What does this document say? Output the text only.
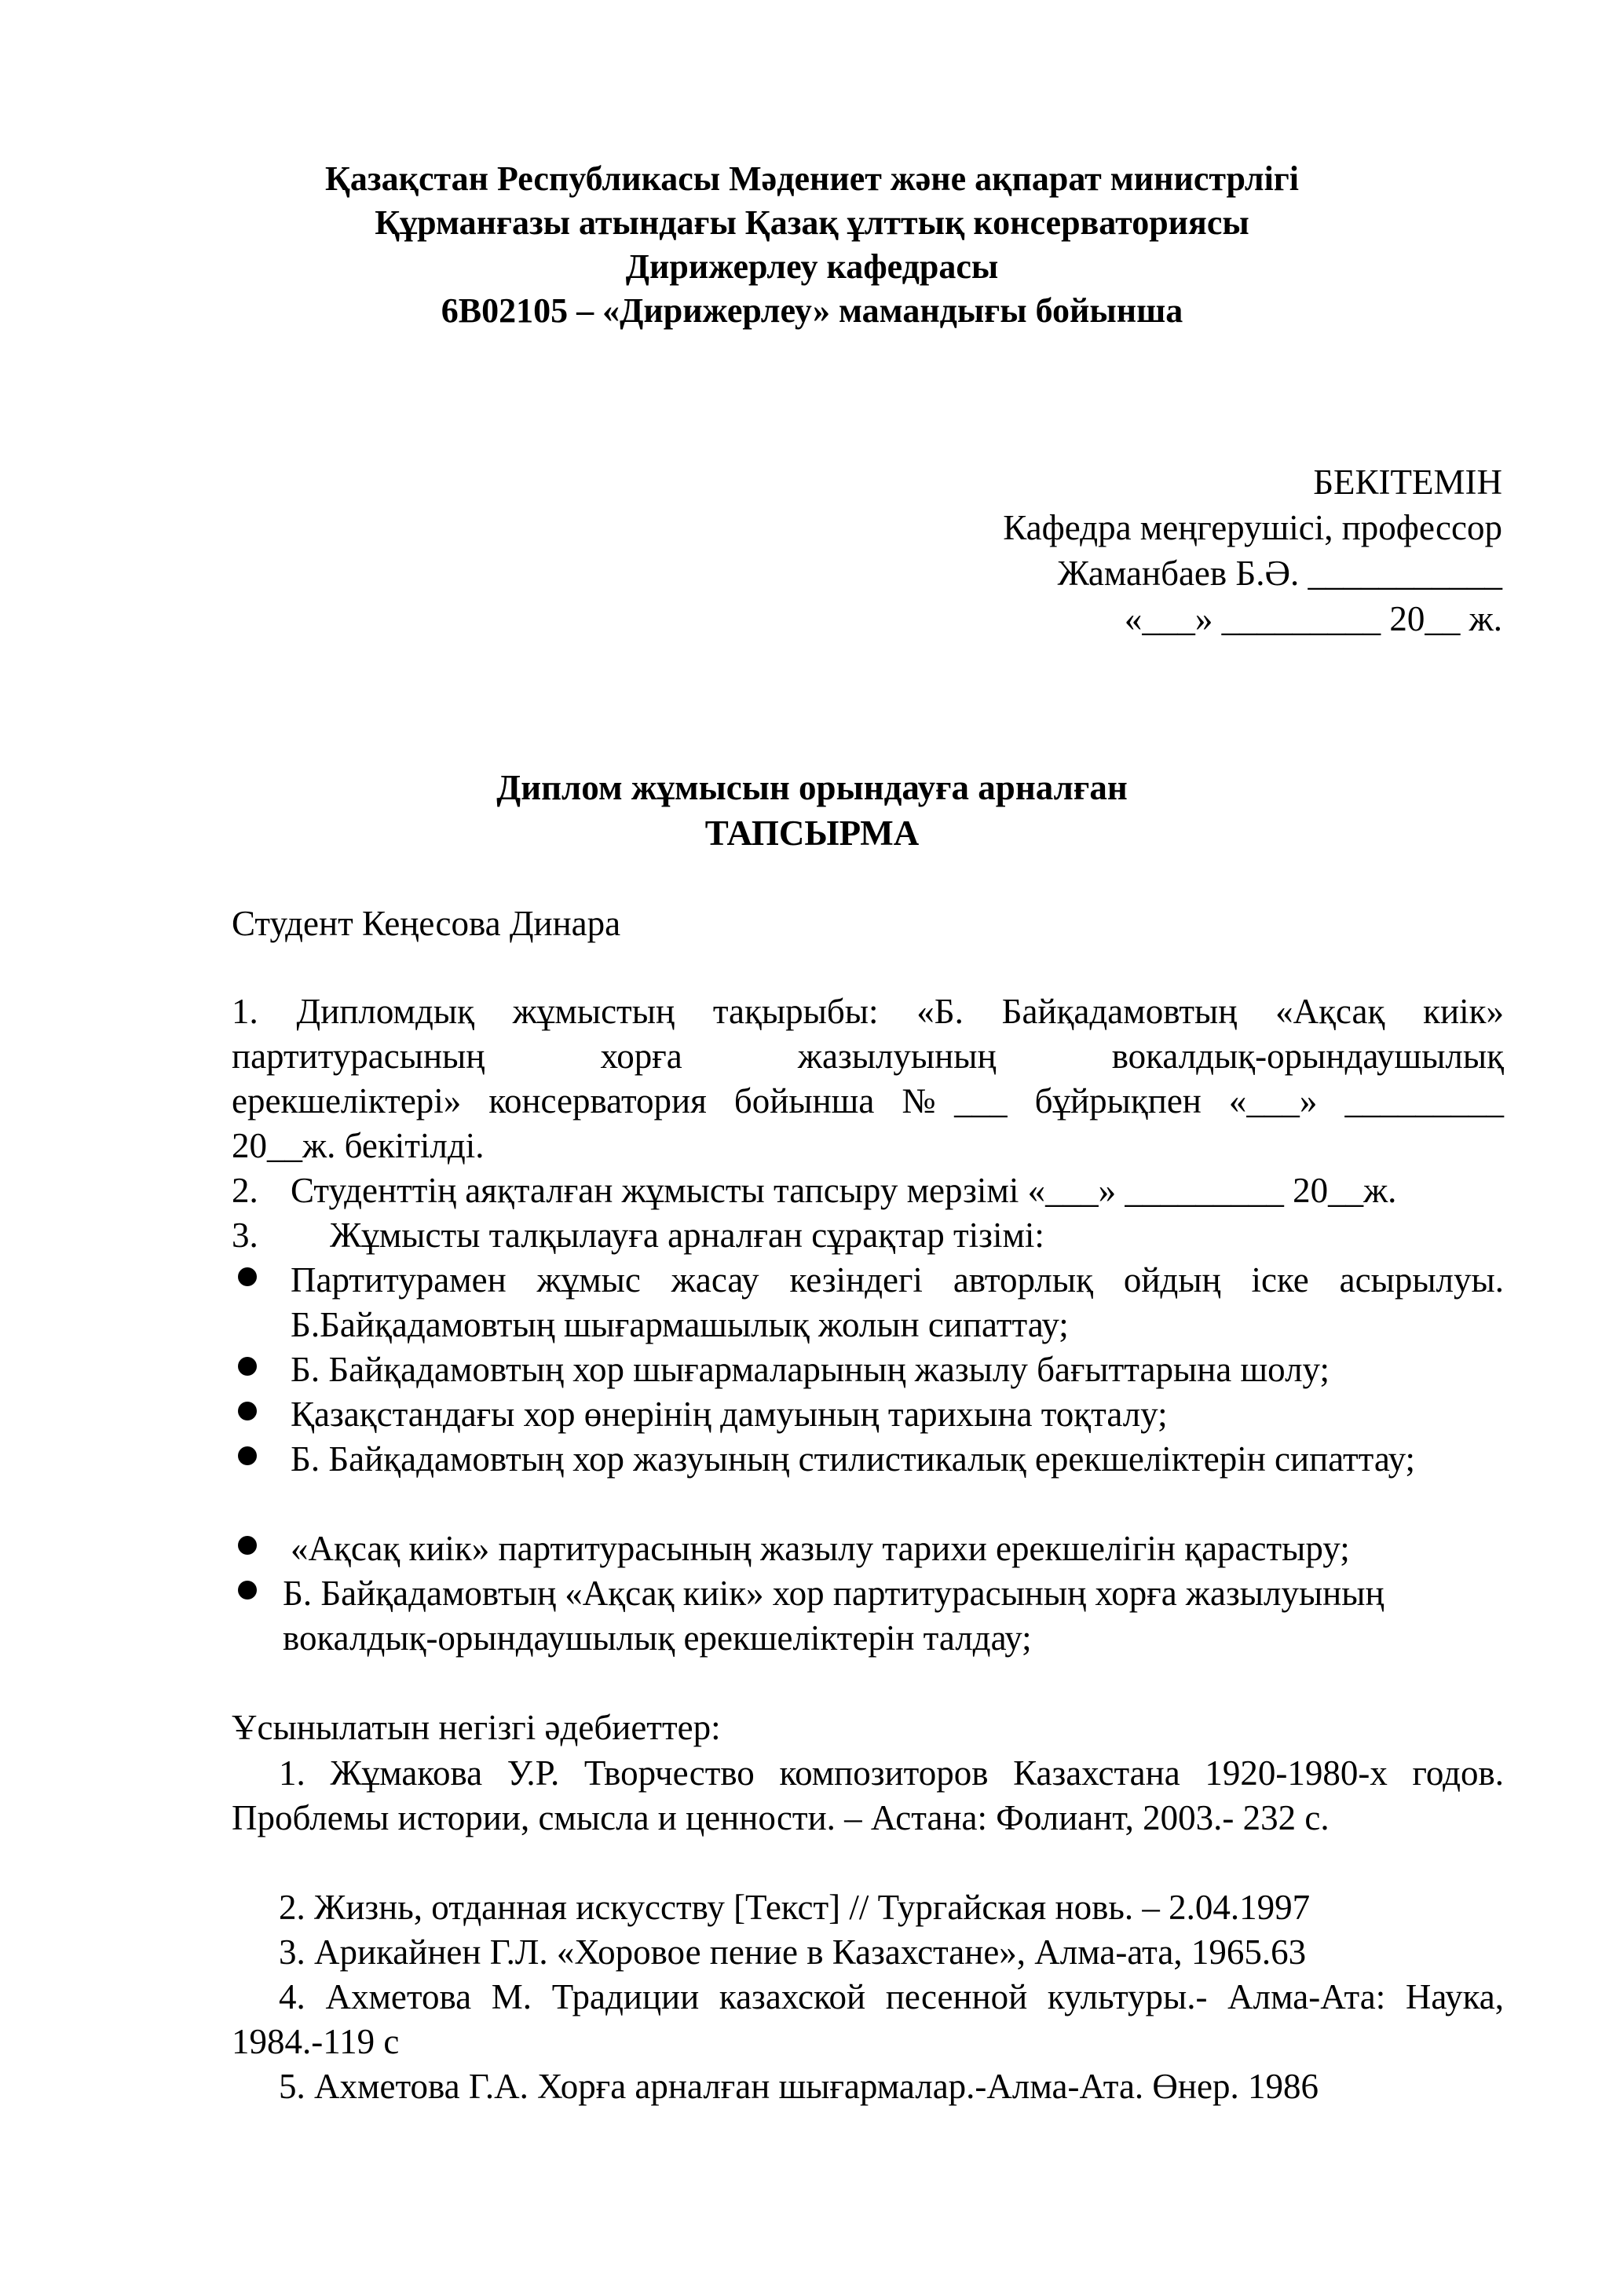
Қазақстан Республикасы Мәдениет және ақпарат министрлігі
Құрманғазы атындағы Қазақ ұлттық консерваториясы
Дирижерлеу кафедрасы
6В02105 – «Дирижерлеу» мамандығы бойынша
БЕКІТЕМІН
Кафедра меңгерушісі, профессор
Жаманбаев Б.Ә. ___________
«___» _________ 20__ ж.
Диплом жұмысын орындауға арналған
ТАПСЫРМА
Студент Кеңесова Динара
1. Дипломдық жұмыстың тақырыбы: «Б. Байқадамовтың «Ақсақ киік»
партитурасының хорға жазылуының вокалдық-орындаушылық
ерекшеліктері» консерватория бойынша №___ бұйрықпен «___» _________
20__ж. бекітілді.
2. Студенттің аяқталған жұмысты тапсыру мерзімі «___» _________ 20__ж.
3. Жұмысты талқылауға арналған сұрақтар тізімі:
Партитурамен жұмыс жасау кезіндегі авторлық ойдың іске асырылуы. Б.Байқадамовтың шығармашылық жолын сипаттау;
Б. Байқадамовтың хор шығармаларының жазылу бағыттарына шолу;
Қазақстандағы хор өнерінің дамуының тарихына тоқталу;
Б. Байқадамовтың хор жазуының стилистикалық ерекшеліктерін сипаттау;
«Ақсақ киік» партитурасының жазылу тарихи ерекшелігін қарастыру;
Б. Байқадамовтың «Ақсақ киік» хор партитурасының хорға жазылуының вокалдық-орындаушылық ерекшеліктерін талдау;
Ұсынылатын негізгі әдебиеттер:
1. Жұмакова У.Р. Творчество композиторов Казахстана 1920-1980-х годов. Проблемы истории, смысла и ценности. – Астана: Фолиант, 2003.- 232 с.
2. Жизнь, отданная искусству [Текст] // Тургайская новь. – 2.04.1997
3. Арикайнен Г.Л. «Хоровое пение в Казахстане», Алма-ата, 1965.63
4. Ахметова М. Традиции казахской песенной культуры.- Алма-Ата: Наука, 1984.-119 с
5. Ахметова Г.А. Хорға арналған шығармалар.-Алма-Ата. Өнер. 1986
